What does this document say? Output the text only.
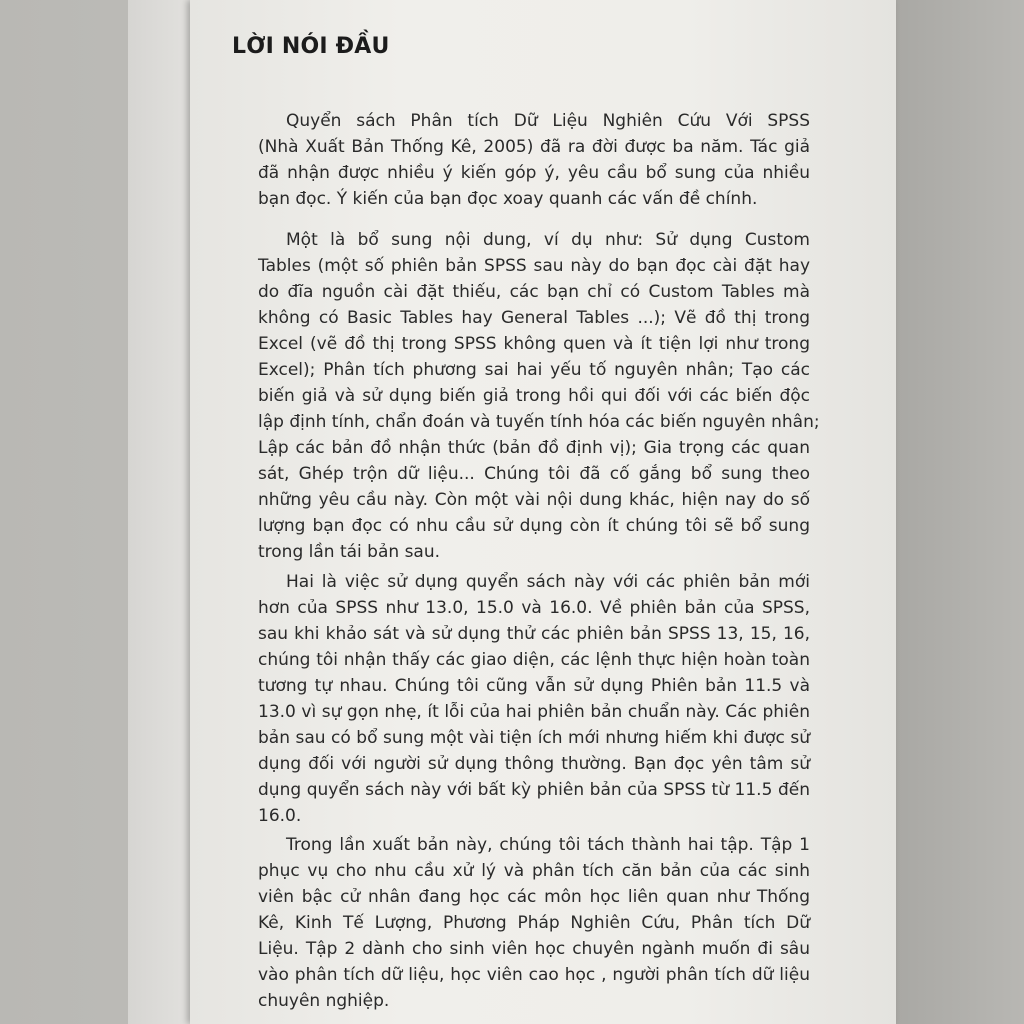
LỜI NÓI ĐẦU
Quyển sách Phân tích Dữ Liệu Nghiên Cứu Với SPSS
(Nhà Xuất Bản Thống Kê, 2005) đã ra đời được ba năm. Tác giả
đã nhận được nhiều ý kiến góp ý, yêu cầu bổ sung của nhiều
bạn đọc. Ý kiến của bạn đọc xoay quanh các vấn đề chính.
Một là bổ sung nội dung, ví dụ như: Sử dụng Custom
Tables (một số phiên bản SPSS sau này do bạn đọc cài đặt hay
do đĩa nguồn cài đặt thiếu, các bạn chỉ có Custom Tables mà
không có Basic Tables hay General Tables ...); Vẽ đồ thị trong
Excel (vẽ đồ thị trong SPSS không quen và ít tiện lợi như trong
Excel); Phân tích phương sai hai yếu tố nguyên nhân; Tạo các
biến giả và sử dụng biến giả trong hồi qui đối với các biến độc
lập định tính, chẩn đoán và tuyến tính hóa các biến nguyên nhân;
Lập các bản đồ nhận thức (bản đồ định vị); Gia trọng các quan
sát, Ghép trộn dữ liệu... Chúng tôi đã cố gắng bổ sung theo
những yêu cầu này. Còn một vài nội dung khác, hiện nay do số
lượng bạn đọc có nhu cầu sử dụng còn ít chúng tôi sẽ bổ sung
trong lần tái bản sau.
Hai là việc sử dụng quyển sách này với các phiên bản mới
hơn của SPSS như 13.0, 15.0 và 16.0. Về phiên bản của SPSS,
sau khi khảo sát và sử dụng thử các phiên bản SPSS 13, 15, 16,
chúng tôi nhận thấy các giao diện, các lệnh thực hiện hoàn toàn
tương tự nhau. Chúng tôi cũng vẫn sử dụng Phiên bản 11.5 và
13.0 vì sự gọn nhẹ, ít lỗi của hai phiên bản chuẩn này. Các phiên
bản sau có bổ sung một vài tiện ích mới nhưng hiếm khi được sử
dụng đối với người sử dụng thông thường. Bạn đọc yên tâm sử
dụng quyển sách này với bất kỳ phiên bản của SPSS từ 11.5 đến
16.0.
Trong lần xuất bản này, chúng tôi tách thành hai tập. Tập 1
phục vụ cho nhu cầu xử lý và phân tích căn bản của các sinh
viên bậc cử nhân đang học các môn học liên quan như Thống
Kê, Kinh Tế Lượng, Phương Pháp Nghiên Cứu, Phân tích Dữ
Liệu. Tập 2 dành cho sinh viên học chuyên ngành muốn đi sâu
vào phân tích dữ liệu, học viên cao học , người phân tích dữ liệu
chuyên nghiệp.
